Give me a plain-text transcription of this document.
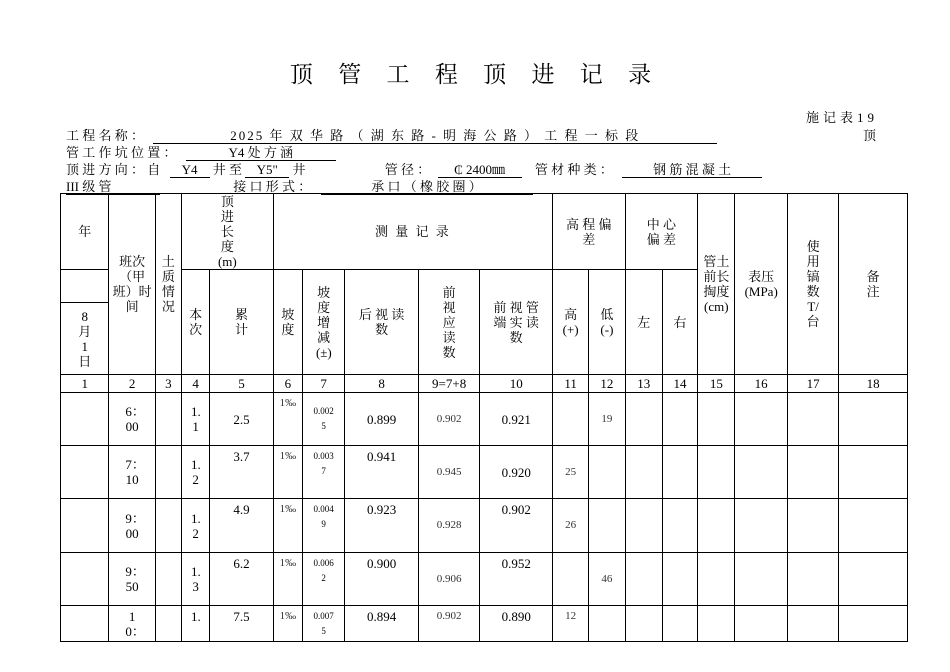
顶 管 工 程 顶 进 记 录
施记表19
工 程 名 称 ：	2025 年 双 华 路 （ 湖 东 路 - 明 海 公 路 ） 工 程 一 标 段	顶
管 工 作 坑 位 置 ：	Y4 处 方 涵
顶 进 方 向 ： 自 Y4 井 至 Y5" 井	管 径 ： ₵ 2400㎜ 管 材 种 类 ：	钢 筋 混 凝 土
III 级 管	接 口 形 式 ：	承 口 （ 橡 胶 圈 ）
年	班次（甲班）时间	土质情况	顶 进 长 度 (m)		测 量 记 录					高 程 偏 差		中 心 偏 差		管土前长掏度(cm)	表压(MPa)	使用镐数T/台	备注
			本次	累计	坡度	坡度增减(±)	后 视 读 数	前视应读数	前 视 管 端 实 读 数	高(+)	低(-)	左	右				
8月1日																	
1	2	3	4	5	6	7	8	9=7+8	10	11	12	13	14	15	16	17	18
	6：00		1.1	2.5	1‰	0.0025	0.899	0.902	0.921		19						
	7：10		1.2	3.7	1‰	0.0037	0.941	0.945	0.920	25							
	9：00		1.2	4.9	1‰	0.0049	0.923	0.928	0.902	26							
	9：50		1.3	6.2	1‰	0.0062	0.900	0.906	0.952		46						
	10：		1.	7.5	1‰	0.0075	0.894	0.902	0.890	12							
